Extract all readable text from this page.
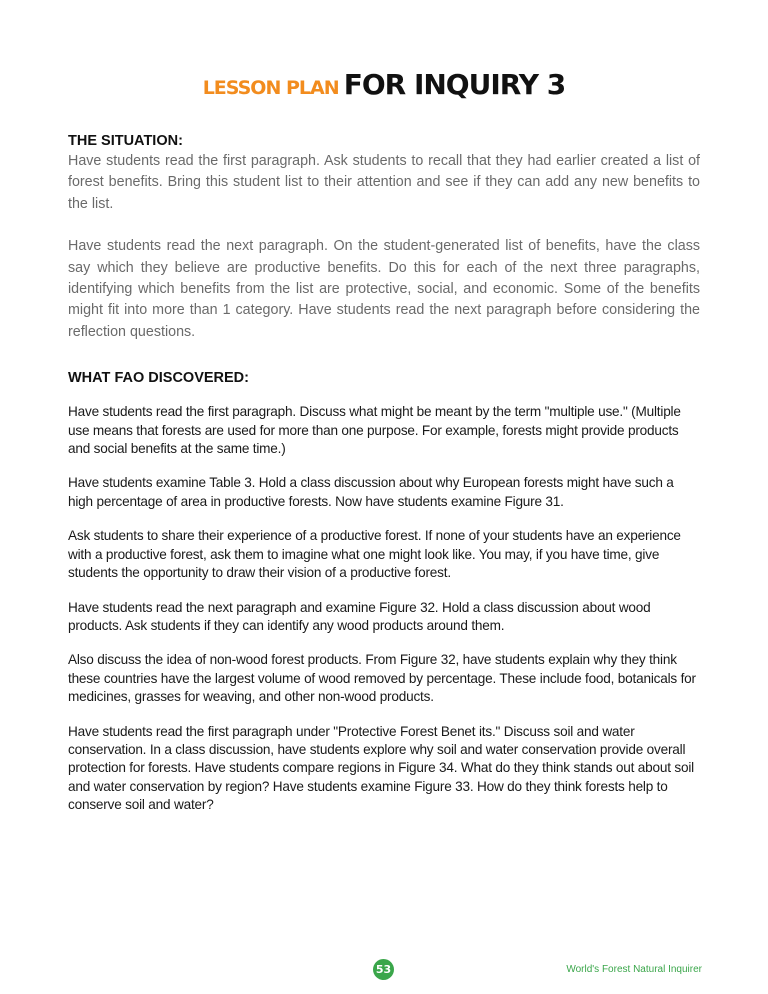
LESSON PLAN FOR INQUIRY 3
THE SITUATION:

Have students read the first paragraph. Ask students to recall that they had earlier created a list of forest benefits. Bring this student list to their attention and see if they can add any new benefits to the list.

Have students read the next paragraph. On the student-generated list of benefits, have the class say which they believe are productive benefits. Do this for each of the next three paragraphs, identifying which benefits from the list are protective, social, and economic. Some of the benefits might fit into more than 1 category. Have students read the next paragraph before considering the reflection questions.

WHAT FAO DISCOVERED:

Have students read the first paragraph. Discuss what might be meant by the term "multiple use." (Multiple use means that forests are used for more than one purpose. For example, forests might provide products and social benefits at the same time.)

Have students examine Table 3. Hold a class discussion about why European forests might have such a high percentage of area in productive forests. Now have students examine Figure 31.

Ask students to share their experience of a productive forest. If none of your students have an experience with a productive forest, ask them to imagine what one might look like. You may, if you have time, give students the opportunity to draw their vision of a productive forest.

Have students read the next paragraph and examine Figure 32. Hold a class discussion about wood products. Ask students if they can identify any wood products around them.

Also discuss the idea of non-wood forest products. From Figure 32, have students explain why they think these countries have the largest volume of wood removed by percentage. These include food, botanicals for medicines, grasses for weaving, and other non-wood products.

Have students read the first paragraph under "Protective Forest Benet its." Discuss soil and water conservation. In a class discussion, have students explore why soil and water conservation provide overall protection for forests. Have students compare regions in Figure 34. What do they think stands out about soil and water conservation by region? Have students examine Figure 33. How do they think forests help to conserve soil and water?

53	World's Forest Natural Inquirer
